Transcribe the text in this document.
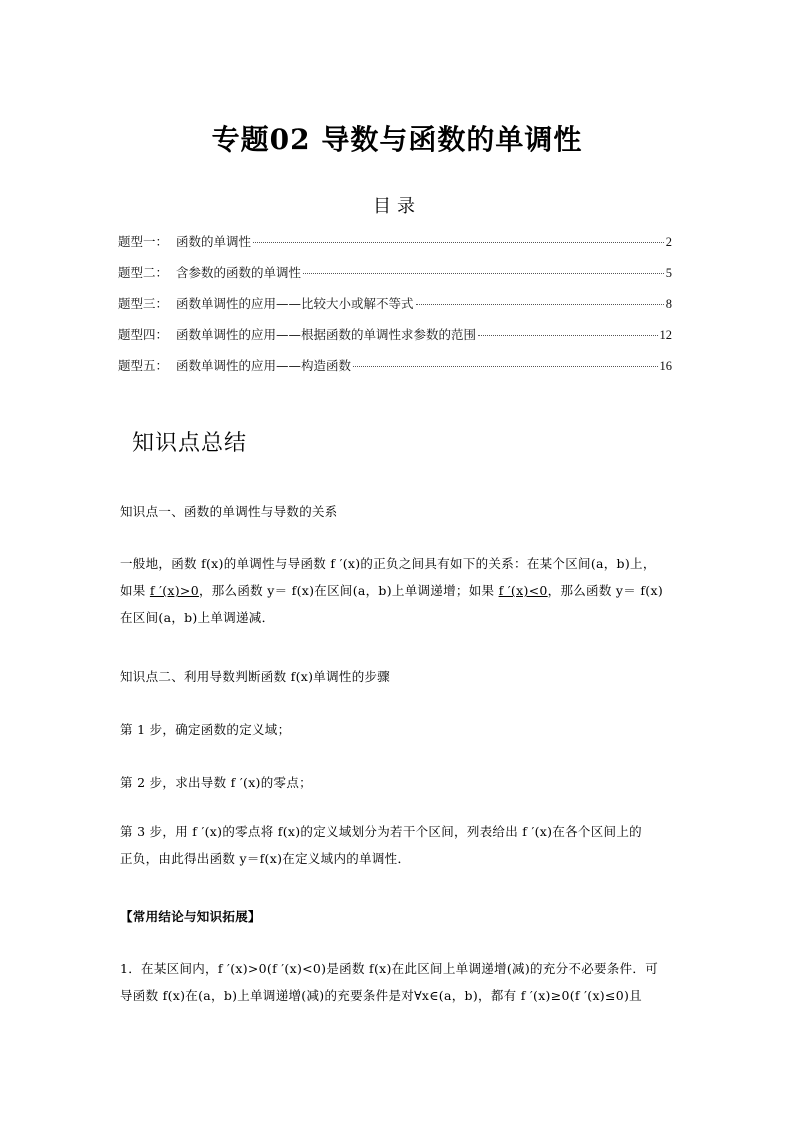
专题02 导数与函数的单调性
目录
题型一： 函数的单调性	2
题型二： 含参数的函数的单调性	5
题型三： 函数单调性的应用——比较大小或解不等式	8
题型四： 函数单调性的应用——根据函数的单调性求参数的范围	12
题型五： 函数单调性的应用——构造函数	16
知识点总结
知识点一、函数的单调性与导数的关系
一般地，函数 f(x)的单调性与导函数 f ′(x)的正负之间具有如下的关系：在某个区间(a，b)上，
如果 f ′(x)>0，那么函数 y＝ f(x)在区间(a，b)上单调递增；如果 f ′(x)<0，那么函数 y＝ f(x)
在区间(a，b)上单调递减．
知识点二、利用导数判断函数 f(x)单调性的步骤
第 1 步，确定函数的定义域；
第 2 步，求出导数 f ′(x)的零点；
第 3 步，用 f ′(x)的零点将 f(x)的定义域划分为若干个区间，列表给出 f ′(x)在各个区间上的
正负，由此得出函数 y＝f(x)在定义域内的单调性．
【常用结论与知识拓展】
1．在某区间内，f ′(x)>0(f ′(x)<0)是函数 f(x)在此区间上单调递增(减)的充分不必要条件．可
导函数 f(x)在(a，b)上单调递增(减)的充要条件是对∀x∈(a，b)，都有 f ′(x)≥0(f ′(x)≤0)且
